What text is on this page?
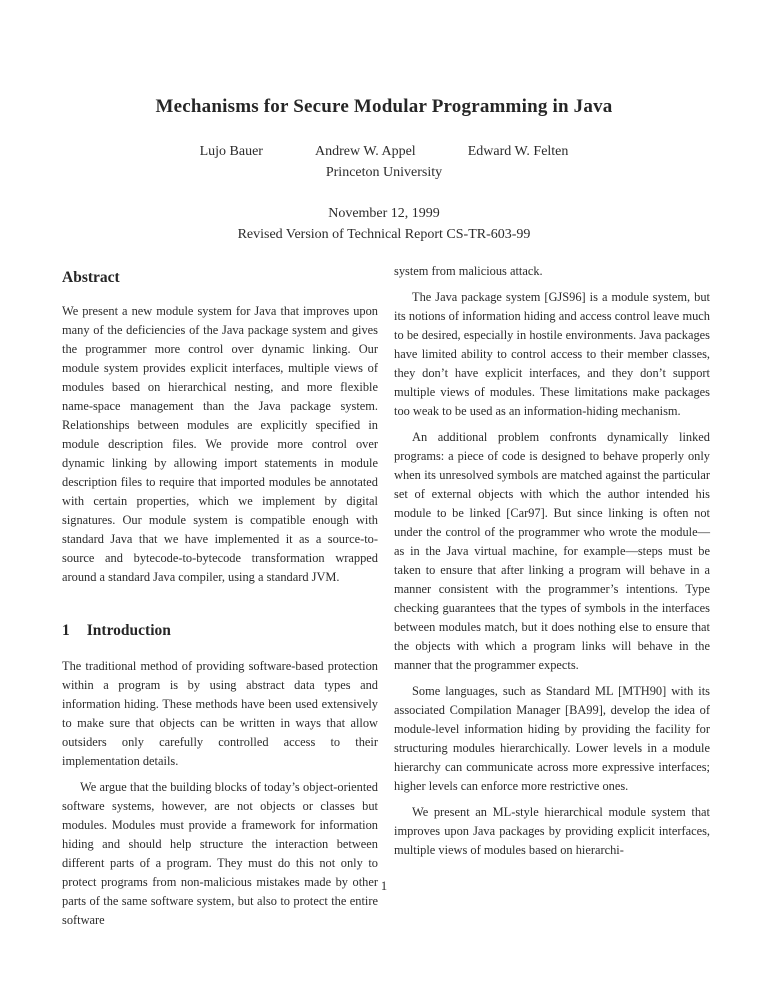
Mechanisms for Secure Modular Programming in Java
Lujo Bauer	Andrew W. Appel	Edward W. Felten
Princeton University
November 12, 1999
Revised Version of Technical Report CS-TR-603-99
Abstract

We present a new module system for Java that improves upon many of the deficiencies of the Java package system and gives the programmer more control over dynamic linking. Our module system provides explicit interfaces, multiple views of modules based on hierarchical nesting, and more flexible name-space management than the Java package system. Relationships between modules are explicitly specified in module description files. We provide more control over dynamic linking by allowing import statements in module description files to require that imported modules be annotated with certain properties, which we implement by digital signatures. Our module system is compatible enough with standard Java that we have implemented it as a source-to-source and bytecode-to-bytecode transformation wrapped around a standard Java compiler, using a standard JVM.

1 Introduction

The traditional method of providing software-based protection within a program is by using abstract data types and information hiding. These methods have been used extensively to make sure that objects can be written in ways that allow outsiders only carefully controlled access to their implementation details.

We argue that the building blocks of today’s object-oriented software systems, however, are not objects or classes but modules. Modules must provide a framework for information hiding and should help structure the interaction between different parts of a program. They must do this not only to protect programs from non-malicious mistakes made by other parts of the same software system, but also to protect the entire software

system from malicious attack.

The Java package system [GJS96] is a module system, but its notions of information hiding and access control leave much to be desired, especially in hostile environments. Java packages have limited ability to control access to their member classes, they don’t have explicit interfaces, and they don’t support multiple views of modules. These limitations make packages too weak to be used as an information-hiding mechanism.

An additional problem confronts dynamically linked programs: a piece of code is designed to behave properly only when its unresolved symbols are matched against the particular set of external objects with which the author intended his module to be linked [Car97]. But since linking is often not under the control of the programmer who wrote the module—as in the Java virtual machine, for example—steps must be taken to ensure that after linking a program will behave in a manner consistent with the programmer’s intentions. Type checking guarantees that the types of symbols in the interfaces between modules match, but it does nothing else to ensure that the objects with which a program links will behave in the manner that the programmer expects.

Some languages, such as Standard ML [MTH90] with its associated Compilation Manager [BA99], develop the idea of module-level information hiding by providing the facility for structuring modules hierarchically. Lower levels in a module hierarchy can communicate across more expressive interfaces; higher levels can enforce more restrictive ones.

We present an ML-style hierarchical module system that improves upon Java packages by providing explicit interfaces, multiple views of modules based on hierarchi-

1
